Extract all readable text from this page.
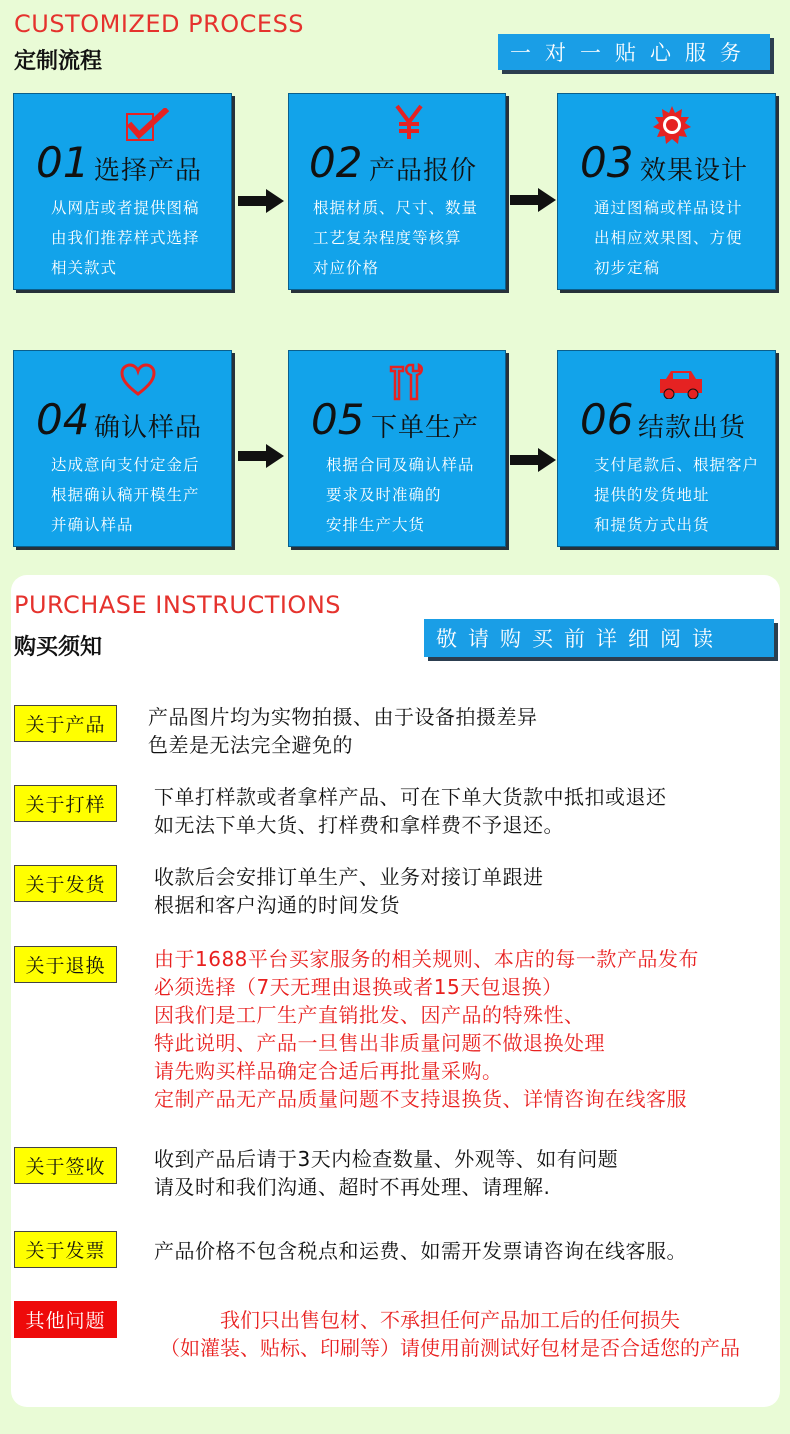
CUSTOMIZED PROCESS
定制流程	一对一贴心服务
01 选择产品
从网店或者提供图稿
由我们推荐样式选择
相关款式
02 产品报价
根据材质、尺寸、数量
工艺复杂程度等核算
对应价格
03 效果设计
通过图稿或样品设计
出相应效果图、方便
初步定稿
04 确认样品
达成意向支付定金后
根据确认稿开模生产
并确认样品
05 下单生产
根据合同及确认样品
要求及时准确的
安排生产大货
06 结款出货
支付尾款后、根据客户
提供的发货地址
和提货方式出货
PURCHASE INSTRUCTIONS
购买须知	敬请购买前详细阅读
关于产品	产品图片均为实物拍摄、由于设备拍摄差异
色差是无法完全避免的
关于打样	下单打样款或者拿样产品、可在下单大货款中抵扣或退还
如无法下单大货、打样费和拿样费不予退还。
关于发货	收款后会安排订单生产、业务对接订单跟进
根据和客户沟通的时间发货
关于退换	由于1688平台买家服务的相关规则、本店的每一款产品发布
必须选择（7天无理由退换或者15天包退换）
因我们是工厂生产直销批发、因产品的特殊性、
特此说明、产品一旦售出非质量问题不做退换处理
请先购买样品确定合适后再批量采购。
定制产品无产品质量问题不支持退换货、详情咨询在线客服
关于签收	收到产品后请于3天内检查数量、外观等、如有问题
请及时和我们沟通、超时不再处理、请理解.
关于发票	产品价格不包含税点和运费、如需开发票请咨询在线客服。
其他问题	我们只出售包材、不承担任何产品加工后的任何损失
（如灌装、贴标、印刷等）请使用前测试好包材是否合适您的产品
